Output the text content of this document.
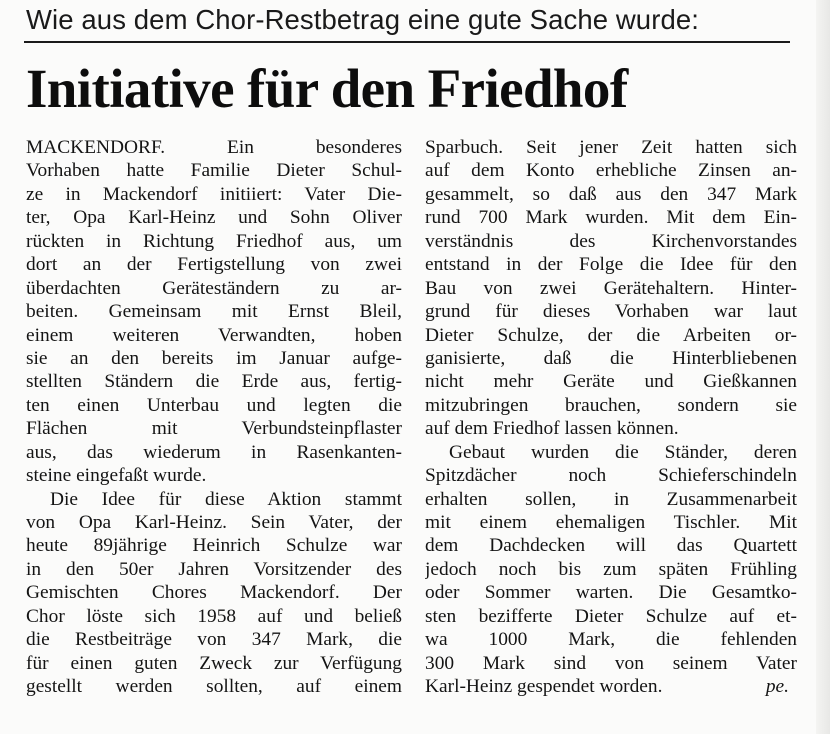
Wie aus dem Chor-Restbetrag eine gute Sache wurde:
Initiative für den Friedhof
MACKENDORF. Ein besonderes
Vorhaben hatte Familie Dieter Schul-
ze in Mackendorf initiiert: Vater Die-
ter, Opa Karl-Heinz und Sohn Oliver
rückten in Richtung Friedhof aus, um
dort an der Fertigstellung von zwei
überdachten Geräteständern zu ar-
beiten. Gemeinsam mit Ernst Bleil,
einem weiteren Verwandten, hoben
sie an den bereits im Januar aufge-
stellten Ständern die Erde aus, fertig-
ten einen Unterbau und legten die
Flächen mit Verbundsteinpflaster
aus, das wiederum in Rasenkanten-
steine eingefaßt wurde.
Die Idee für diese Aktion stammt
von Opa Karl-Heinz. Sein Vater, der
heute 89jährige Heinrich Schulze war
in den 50er Jahren Vorsitzender des
Gemischten Chores Mackendorf. Der
Chor löste sich 1958 auf und beließ
die Restbeiträge von 347 Mark, die
für einen guten Zweck zur Verfügung
gestellt werden sollten, auf einem
Sparbuch. Seit jener Zeit hatten sich
auf dem Konto erhebliche Zinsen an-
gesammelt, so daß aus den 347 Mark
rund 700 Mark wurden. Mit dem Ein-
verständnis des Kirchenvorstandes
entstand in der Folge die Idee für den
Bau von zwei Gerätehaltern. Hinter-
grund für dieses Vorhaben war laut
Dieter Schulze, der die Arbeiten or-
ganisierte, daß die Hinterbliebenen
nicht mehr Geräte und Gießkannen
mitzubringen brauchen, sondern sie
auf dem Friedhof lassen können.
Gebaut wurden die Ständer, deren
Spitzdächer noch Schieferschindeln
erhalten sollen, in Zusammenarbeit
mit einem ehemaligen Tischler. Mit
dem Dachdecken will das Quartett
jedoch noch bis zum späten Frühling
oder Sommer warten. Die Gesamtko-
sten bezifferte Dieter Schulze auf et-
wa 1000 Mark, die fehlenden
300 Mark sind von seinem Vater
Karl-Heinz gespendet worden.	pe.
